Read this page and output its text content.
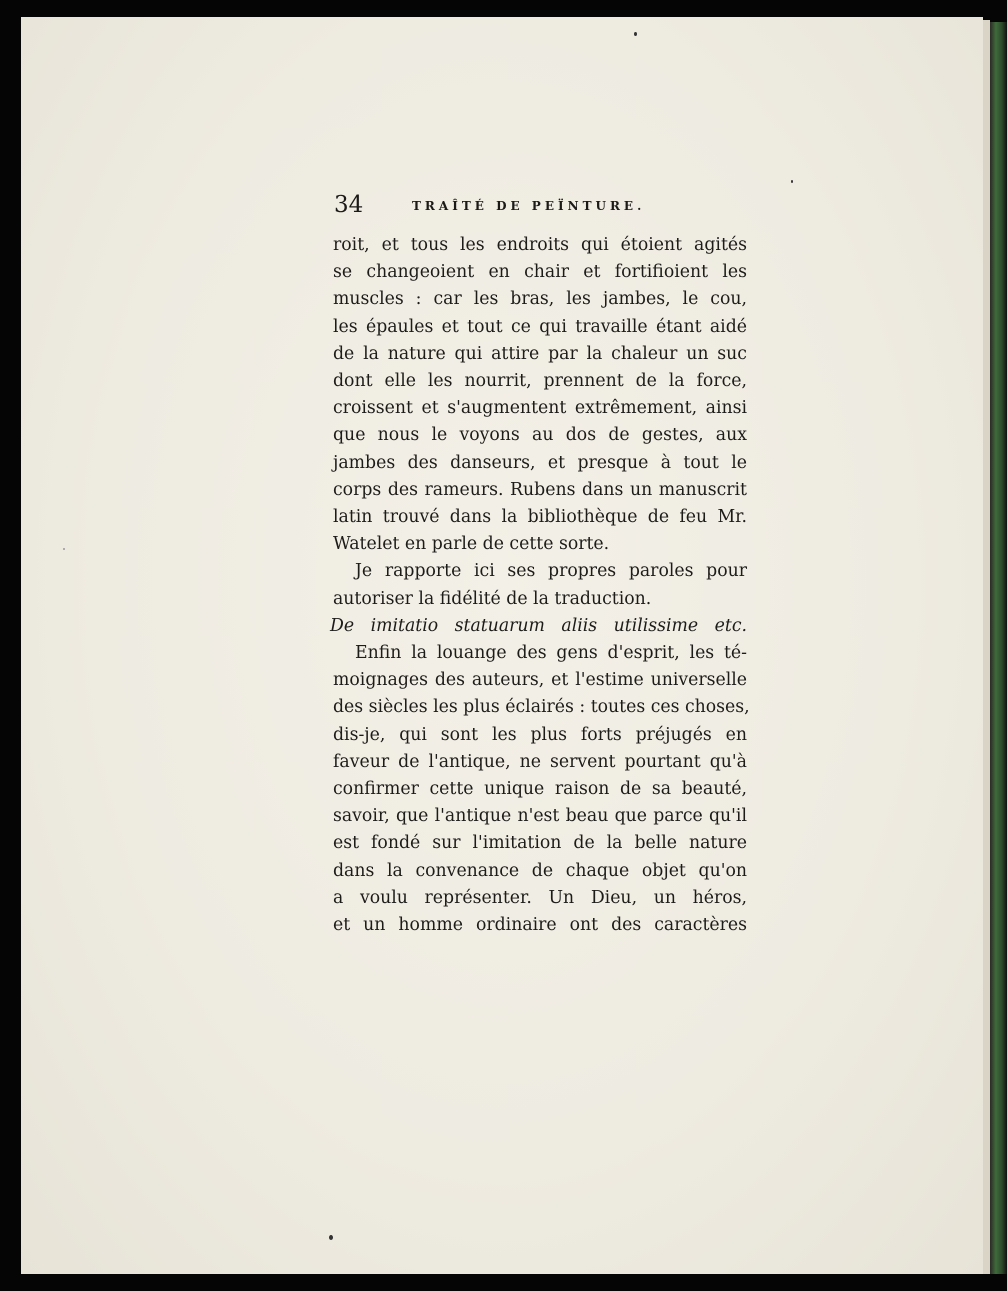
34	TRAÎTÉ DE PEÏNTURE.

roit, et tous les endroits qui étoient agités
se changeoient en chair et fortifioient les
muscles : car les bras, les jambes, le cou,
les épaules et tout ce qui travaille étant aidé
de la nature qui attire par la chaleur un suc
dont elle les nourrit, prennent de la force,
croissent et s'augmentent extrêmement, ainsi
que nous le voyons au dos de gestes, aux
jambes des danseurs, et presque à tout le
corps des rameurs. Rubens dans un manuscrit
latin trouvé dans la bibliothèque de feu Mr.
Watelet en parle de cette sorte.

Je rapporte ici ses propres paroles pour
autoriser la fidélité de la traduction.

De imitatio statuarum aliis utilissime etc.

Enfin la louange des gens d'esprit, les té-
moignages des auteurs, et l'estime universelle
des siècles les plus éclairés : toutes ces choses,
dis-je, qui sont les plus forts préjugés en
faveur de l'antique, ne servent pourtant qu'à
confirmer cette unique raison de sa beauté,
savoir, que l'antique n'est beau que parce qu'il
est fondé sur l'imitation de la belle nature
dans la convenance de chaque objet qu'on
a voulu représenter. Un Dieu, un héros,
et un homme ordinaire ont des caractères
